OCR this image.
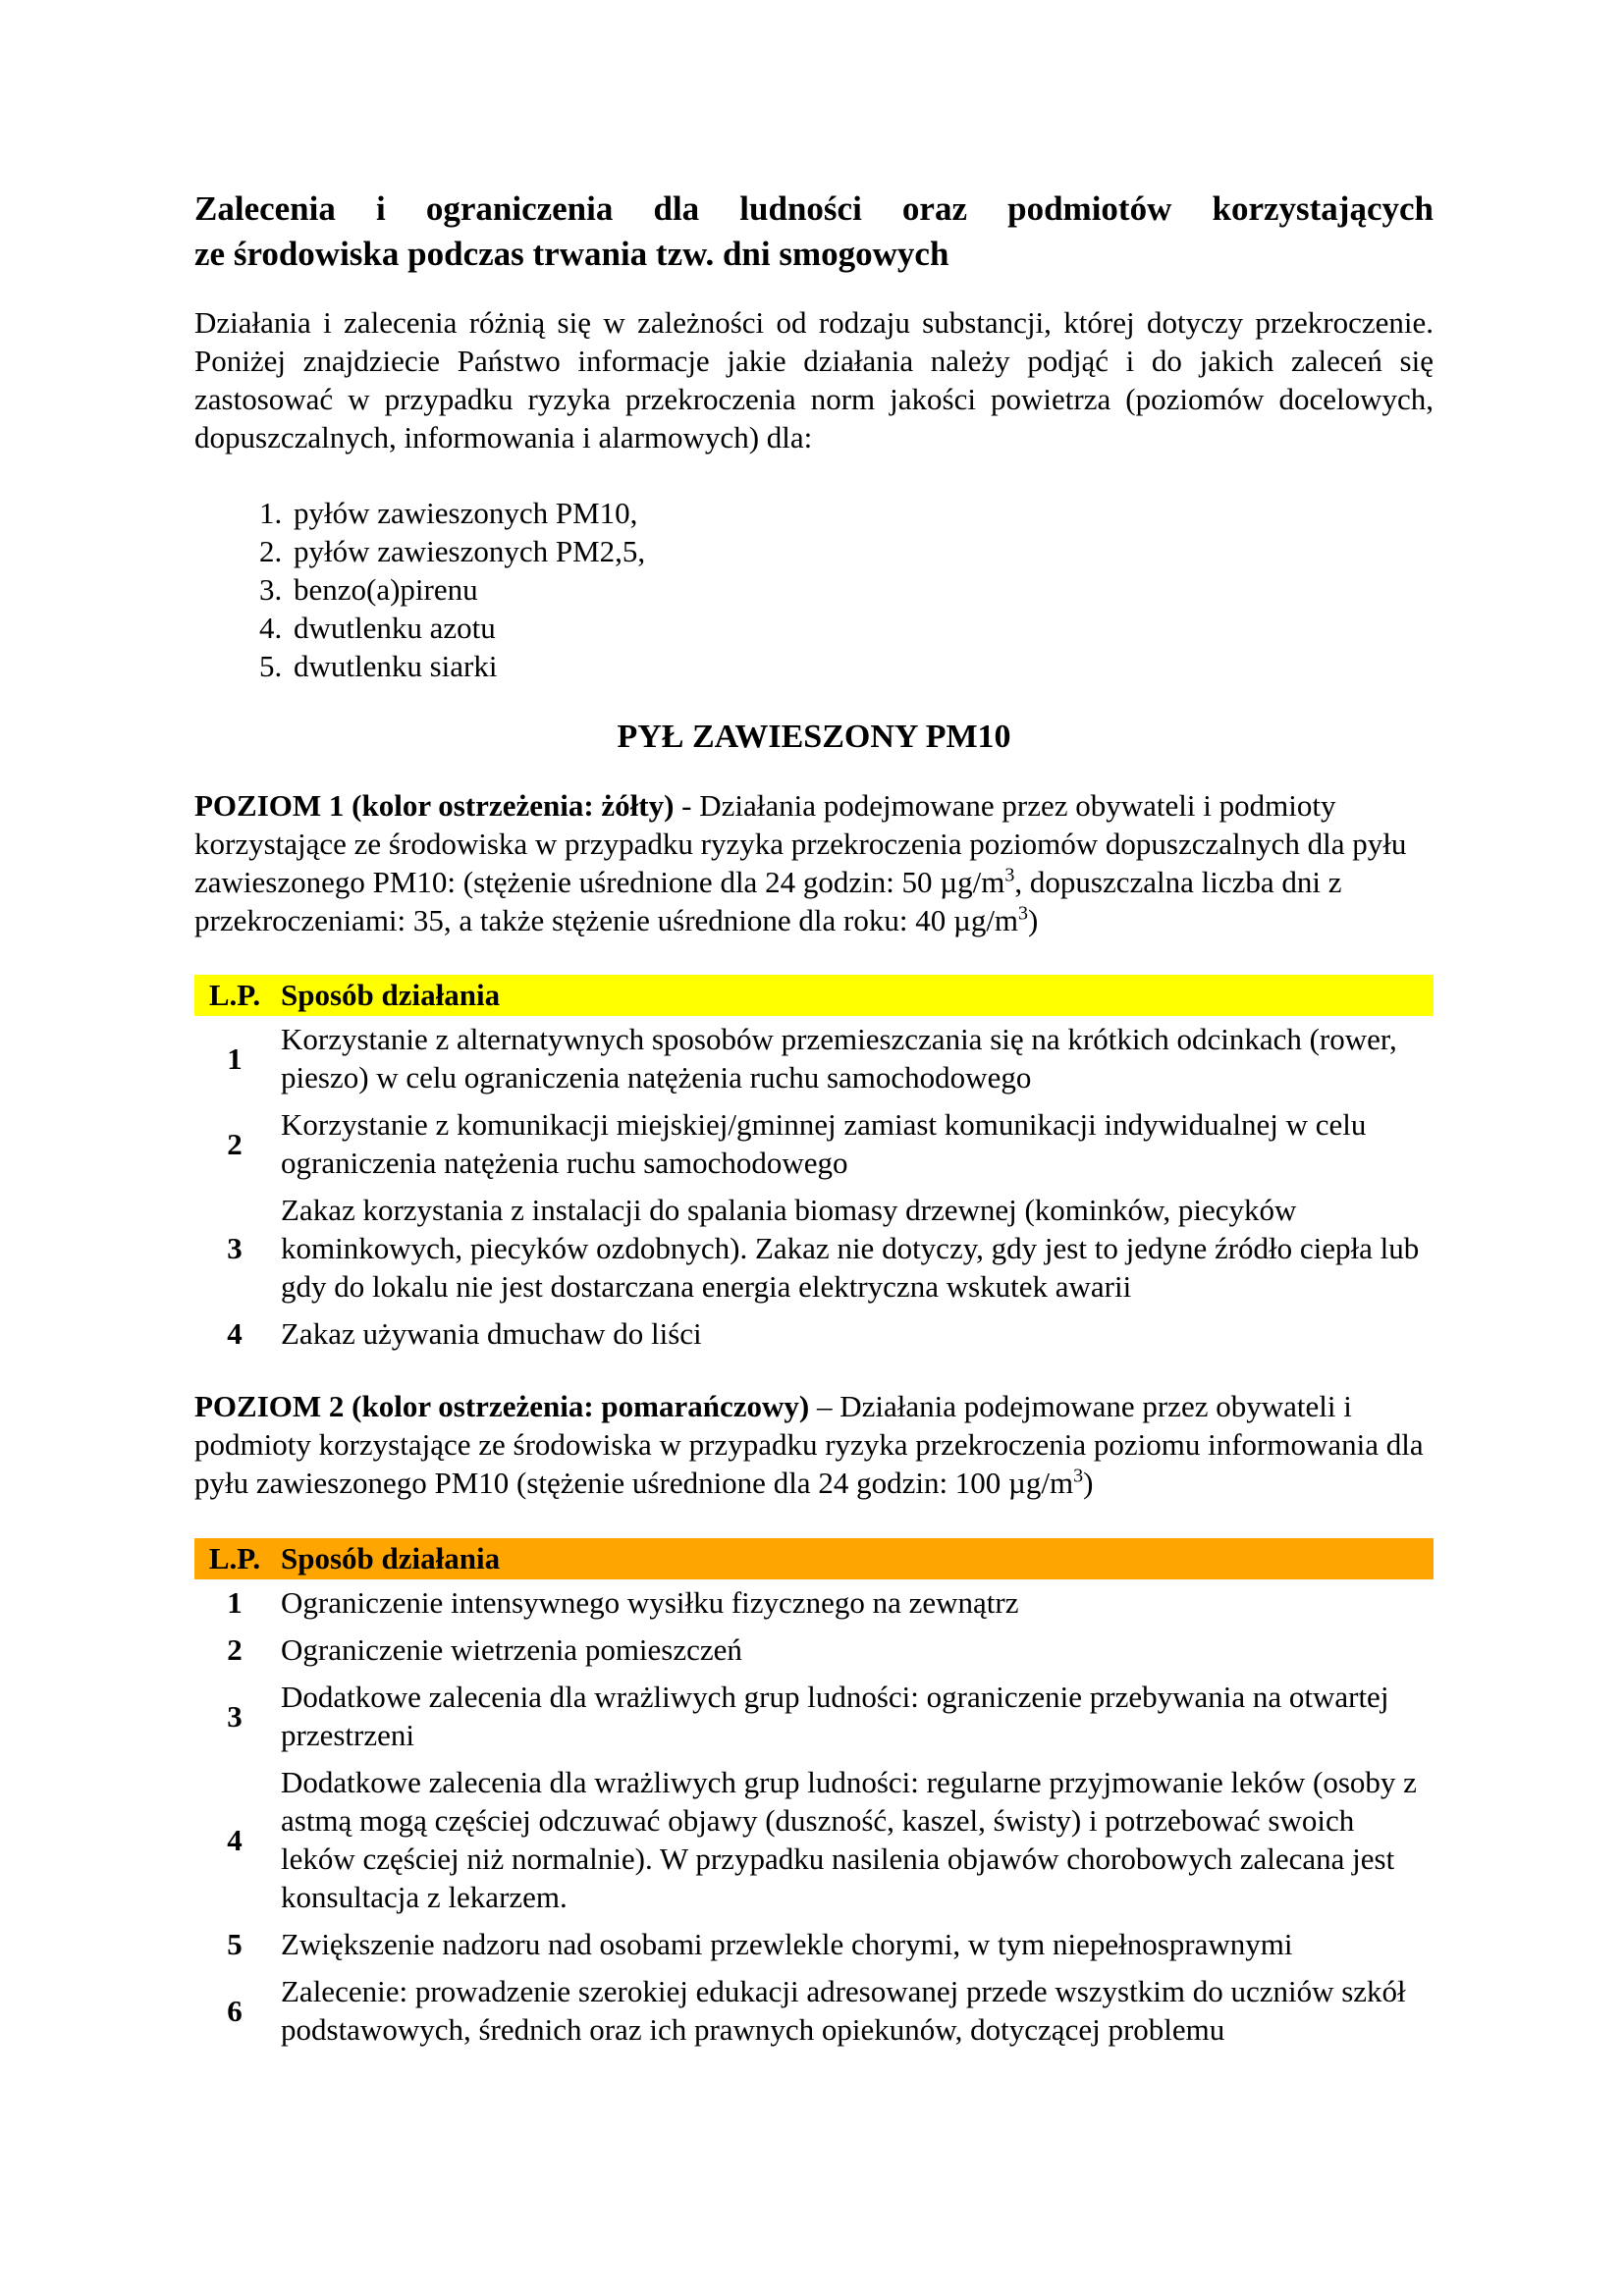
Zalecenia i ograniczenia dla ludności oraz podmiotów korzystających
ze środowiska podczas trwania tzw. dni smogowych

Działania i zalecenia różnią się w zależności od rodzaju substancji, której dotyczy przekroczenie. Poniżej znajdziecie Państwo informacje jakie działania należy podjąć i do jakich zaleceń się zastosować w przypadku ryzyka przekroczenia norm jakości powietrza (poziomów docelowych, dopuszczalnych, informowania i alarmowych) dla:

1. pyłów zawieszonych PM10,
2. pyłów zawieszonych PM2,5,
3. benzo(a)pirenu
4. dwutlenku azotu
5. dwutlenku siarki
PYŁ ZAWIESZONY PM10

POZIOM 1 (kolor ostrzeżenia: żółty) - Działania podejmowane przez obywateli i podmioty korzystające ze środowiska w przypadku ryzyka przekroczenia poziomów dopuszczalnych dla pyłu zawieszonego PM10: (stężenie uśrednione dla 24 godzin: 50 $\mu g/m^3$, dopuszczalna liczba dni z przekroczeniami: 35, a także stężenie uśrednione dla roku: 40 $\mu g/m^3$)

L.P.	Sposób działania
1	Korzystanie z alternatywnych sposobów przemieszczania się na krótkich odcinkach (rower, pieszo) w celu ograniczenia natężenia ruchu samochodowego
2	Korzystanie z komunikacji miejskiej/gminnej zamiast komunikacji indywidualnej w celu ograniczenia natężenia ruchu samochodowego
3	Zakaz korzystania z instalacji do spalania biomasy drzewnej (kominków, piecyków kominkowych, piecyków ozdobnych). Zakaz nie dotyczy, gdy jest to jedyne źródło ciepła lub gdy do lokalu nie jest dostarczana energia elektryczna wskutek awarii
4	Zakaz używania dmuchaw do liści

POZIOM 2 (kolor ostrzeżenia: pomarańczowy) – Działania podejmowane przez obywateli i podmioty korzystające ze środowiska w przypadku ryzyka przekroczenia poziomu informowania dla pyłu zawieszonego PM10 (stężenie uśrednione dla 24 godzin: 100 $\mu g/m^3$)

L.P.	Sposób działania
1	Ograniczenie intensywnego wysiłku fizycznego na zewnątrz
2	Ograniczenie wietrzenia pomieszczeń
3	Dodatkowe zalecenia dla wrażliwych grup ludności: ograniczenie przebywania na otwartej przestrzeni
4	Dodatkowe zalecenia dla wrażliwych grup ludności: regularne przyjmowanie leków (osoby z astmą mogą częściej odczuwać objawy (duszność, kaszel, świsty) i potrzebować swoich leków częściej niż normalnie). W przypadku nasilenia objawów chorobowych zalecana jest konsultacja z lekarzem.
5	Zwiększenie nadzoru nad osobami przewlekle chorymi, w tym niepełnosprawnymi
6	Zalecenie: prowadzenie szerokiej edukacji adresowanej przede wszystkim do uczniów szkół podstawowych, średnich oraz ich prawnych opiekunów, dotyczącej problemu
